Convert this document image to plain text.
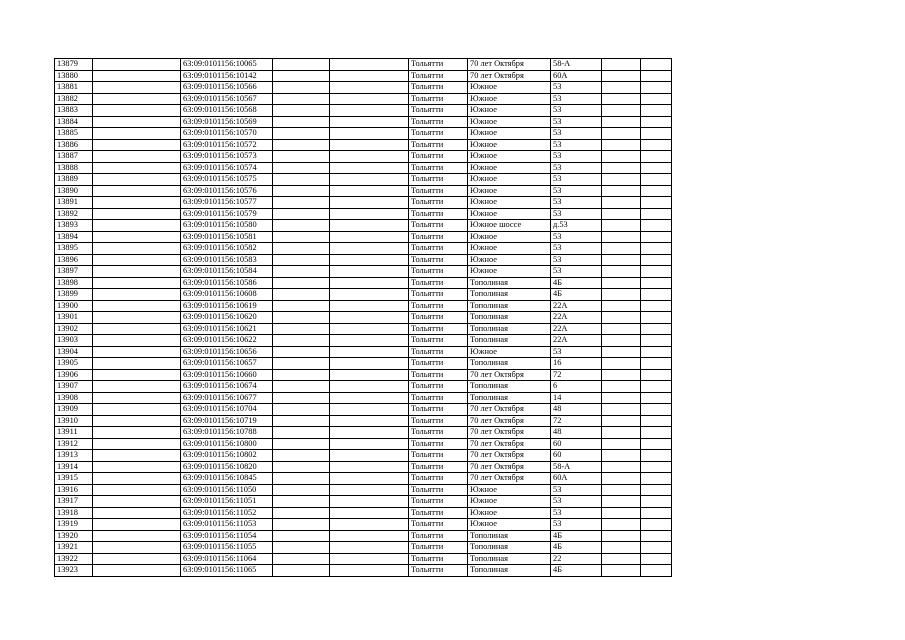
13879		63:09:0101156:10065			Тольятти	70 лет Октября	58-А		
13880		63:09:0101156:10142			Тольятти	70 лет Октября	60А		
13881		63:09:0101156:10566			Тольятти	Южное	53		
13882		63:09:0101156:10567			Тольятти	Южное	53		
13883		63:09:0101156:10568			Тольятти	Южное	53		
13884		63:09:0101156:10569			Тольятти	Южное	53		
13885		63:09:0101156:10570			Тольятти	Южное	53		
13886		63:09:0101156:10572			Тольятти	Южное	53		
13887		63:09:0101156:10573			Тольятти	Южное	53		
13888		63:09:0101156:10574			Тольятти	Южное	53		
13889		63:09:0101156:10575			Тольятти	Южное	53		
13890		63:09:0101156:10576			Тольятти	Южное	53		
13891		63:09:0101156:10577			Тольятти	Южное	53		
13892		63:09:0101156:10579			Тольятти	Южное	53		
13893		63:09:0101156:10580			Тольятти	Южное шоссе	д.53		
13894		63:09:0101156:10581			Тольятти	Южное	53		
13895		63:09:0101156:10582			Тольятти	Южное	53		
13896		63:09:0101156:10583			Тольятти	Южное	53		
13897		63:09:0101156:10584			Тольятти	Южное	53		
13898		63:09:0101156:10586			Тольятти	Тополиная	4Б		
13899		63:09:0101156:10608			Тольятти	Тополиная	4Б		
13900		63:09:0101156:10619			Тольятти	Тополиная	22А		
13901		63:09:0101156:10620			Тольятти	Тополиная	22А		
13902		63:09:0101156:10621			Тольятти	Тополиная	22А		
13903		63:09:0101156:10622			Тольятти	Тополиная	22А		
13904		63:09:0101156:10656			Тольятти	Южное	53		
13905		63:09:0101156:10657			Тольятти	Тополиная	16		
13906		63:09:0101156:10660			Тольятти	70 лет Октября	72		
13907		63:09:0101156:10674			Тольятти	Тополиная	6		
13908		63:09:0101156:10677			Тольятти	Тополиная	14		
13909		63:09:0101156:10704			Тольятти	70 лет Октября	48		
13910		63:09:0101156:10719			Тольятти	70 лет Октября	72		
13911		63:09:0101156:10788			Тольятти	70 лет Октября	48		
13912		63:09:0101156:10800			Тольятти	70 лет Октября	60		
13913		63:09:0101156:10802			Тольятти	70 лет Октября	60		
13914		63:09:0101156:10820			Тольятти	70 лет Октября	58-А		
13915		63:09:0101156:10845			Тольятти	70 лет Октября	60А		
13916		63:09:0101156:11050			Тольятти	Южное	53		
13917		63:09:0101156:11051			Тольятти	Южное	53		
13918		63:09:0101156:11052			Тольятти	Южное	53		
13919		63:09:0101156:11053			Тольятти	Южное	53		
13920		63:09:0101156:11054			Тольятти	Тополиная	4Б		
13921		63:09:0101156:11055			Тольятти	Тополиная	4Б		
13922		63:09:0101156:11064			Тольятти	Тополиная	22		
13923		63:09:0101156:11065			Тольятти	Тополиная	4Б		
